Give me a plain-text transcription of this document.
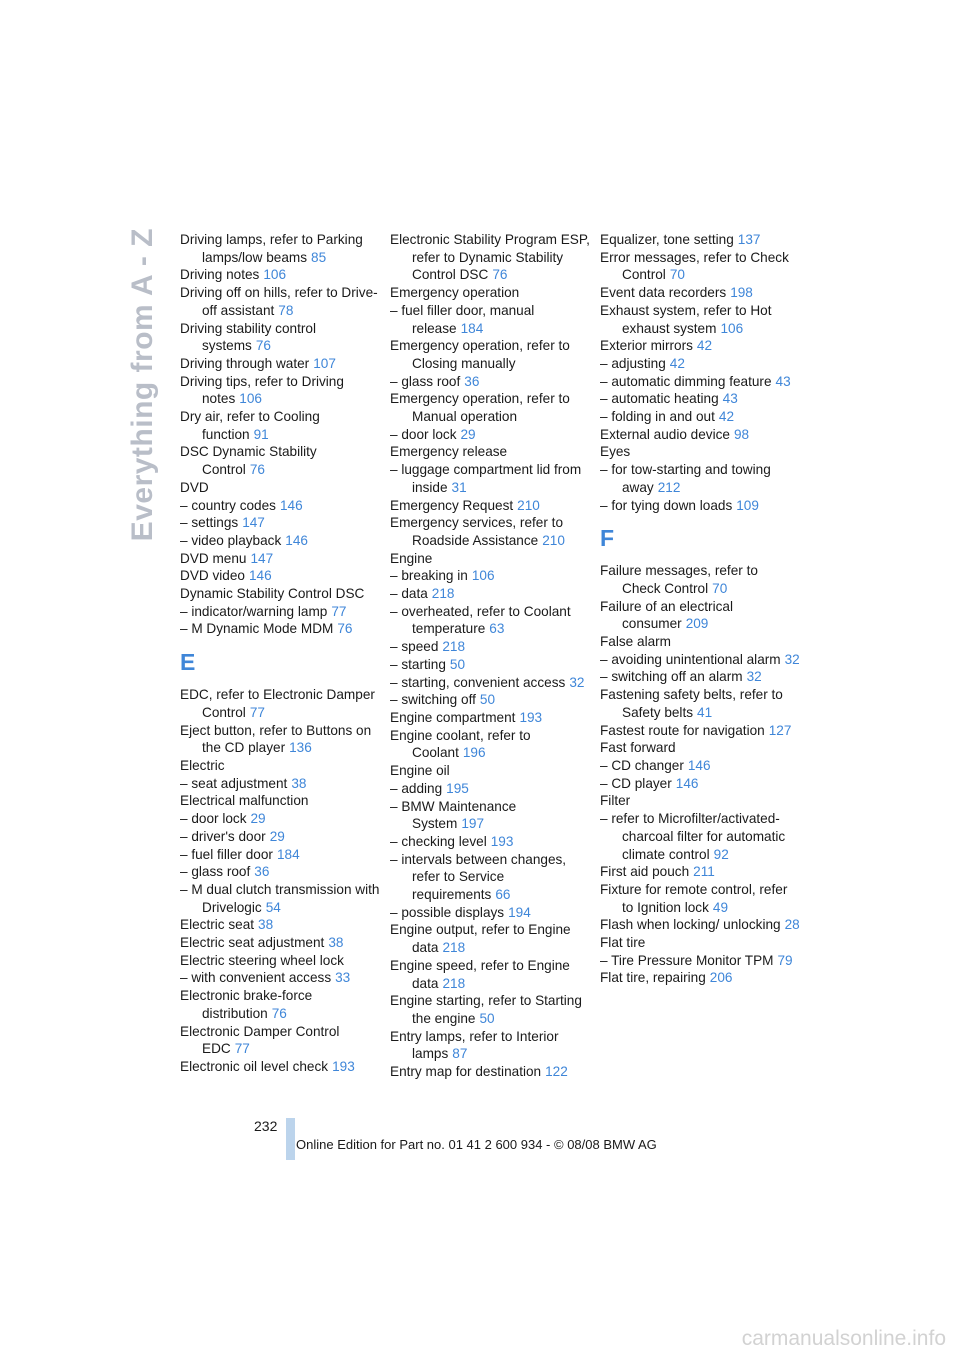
Everything from A - Z Driving lamps, refer to Parking lamps/low beams 85
Driving notes 106
Driving off on hills, refer to Drive-off assistant 78
Driving stability control systems 76
Driving through water 107
Driving tips, refer to Driving notes 106
Dry air, refer to Cooling function 91
DSC Dynamic Stability Control 76
DVD
– country codes 146
– settings 147
– video playback 146
DVD menu 147
DVD video 146
Dynamic Stability Control DSC
– indicator/warning lamp 77
– M Dynamic Mode MDM 76
E
EDC, refer to Electronic Damper Control 77
Eject button, refer to Buttons on the CD player 136
Electric
– seat adjustment 38
Electrical malfunction
– door lock 29
– driver's door 29
– fuel filler door 184
– glass roof 36
– M dual clutch transmission with Drivelogic 54
Electric seat 38
Electric seat adjustment 38
Electric steering wheel lock
– with convenient access 33
Electronic brake-force distribution 76
Electronic Damper Control EDC 77
Electronic oil level check 193
Electronic Stability Program ESP, refer to Dynamic Stability Control DSC 76
Emergency operation
– fuel filler door, manual release 184
Emergency operation, refer to Closing manually
– glass roof 36
Emergency operation, refer to Manual operation
– door lock 29
Emergency release
– luggage compartment lid from inside 31
Emergency Request 210
Emergency services, refer to Roadside Assistance 210
Engine
– breaking in 106
– data 218
– overheated, refer to Coolant temperature 63
– speed 218
– starting 50
– starting, convenient access 32
– switching off 50
Engine compartment 193
Engine coolant, refer to Coolant 196
Engine oil
– adding 195
– BMW Maintenance System 197
– checking level 193
– intervals between changes, refer to Service requirements 66
– possible displays 194
Engine output, refer to Engine data 218
Engine speed, refer to Engine data 218
Engine starting, refer to Starting the engine 50
Entry lamps, refer to Interior lamps 87
Entry map for destination 122
Equalizer, tone setting 137
Error messages, refer to Check Control 70
Event data recorders 198
Exhaust system, refer to Hot exhaust system 106
Exterior mirrors 42
– adjusting 42
– automatic dimming feature 43
– automatic heating 43
– folding in and out 42
External audio device 98
Eyes
– for tow-starting and towing away 212
– for tying down loads 109
F
Failure messages, refer to Check Control 70
Failure of an electrical consumer 209
False alarm
– avoiding unintentional alarm 32
– switching off an alarm 32
Fastening safety belts, refer to Safety belts 41
Fastest route for navigation 127
Fast forward
– CD changer 146
– CD player 146
Filter
– refer to Microfilter/activated-charcoal filter for automatic climate control 92
First aid pouch 211
Fixture for remote control, refer to Ignition lock 49
Flash when locking/ unlocking 28
Flat tire
– Tire Pressure Monitor TPM 79
Flat tire, repairing 206
232
Online Edition for Part no. 01 41 2 600 934 - © 08/08 BMW AG
carmanualsonline.info
